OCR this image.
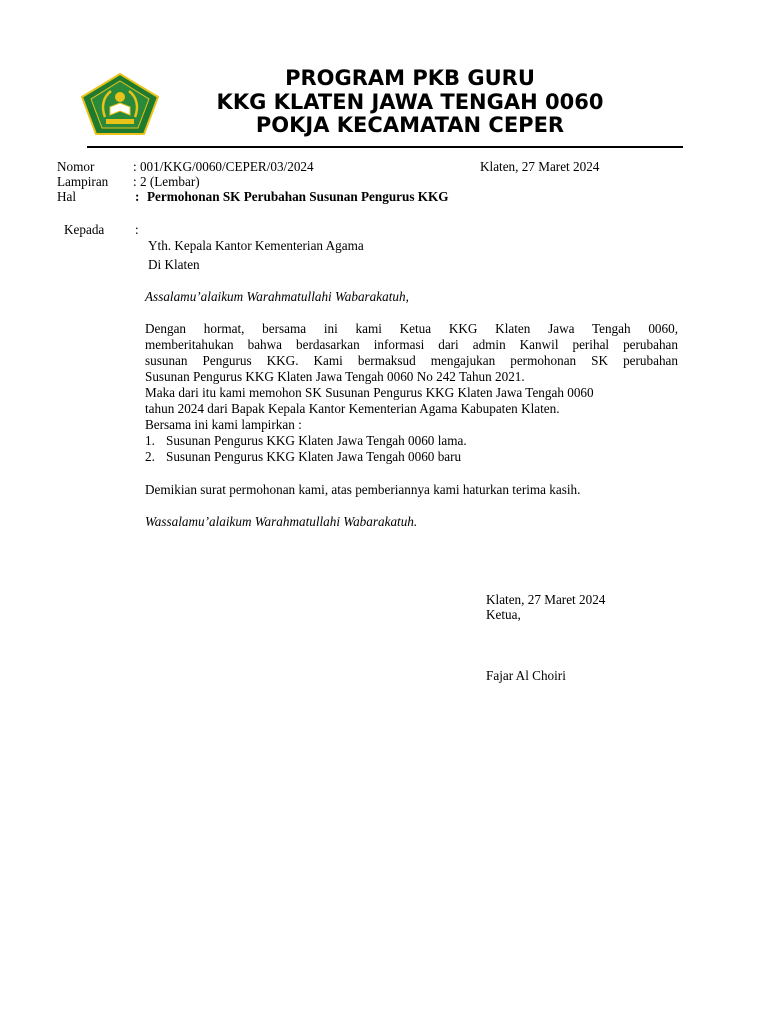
PROGRAM PKB GURU
KKG KLATEN JAWA TENGAH 0060
POKJA KECAMATAN CEPER
Nomor	: 001/KKG/0060/CEPER/03/2024	Klaten, 27 Maret 2024
Lampiran : 2 (Lembar)
Hal	: Permohonan SK Perubahan Susunan Pengurus KKG
Kepada :
Yth. Kepala Kantor Kementerian Agama
Di Klaten
Assalamu’alaikum Warahmatullahi Wabarakatuh,
Dengan hormat, bersama ini kami Ketua KKG Klaten Jawa Tengah 0060,
memberitahukan bahwa berdasarkan informasi dari admin Kanwil perihal perubahan
susunan Pengurus KKG. Kami bermaksud mengajukan permohonan SK perubahan
Susunan Pengurus KKG Klaten Jawa Tengah 0060 No 242 Tahun 2021.
Maka dari itu kami memohon SK Susunan Pengurus KKG Klaten Jawa Tengah 0060
tahun 2024 dari Bapak Kepala Kantor Kementerian Agama Kabupaten Klaten.
Bersama ini kami lampirkan :
1. Susunan Pengurus KKG Klaten Jawa Tengah 0060 lama.
2. Susunan Pengurus KKG Klaten Jawa Tengah 0060 baru
Demikian surat permohonan kami, atas pemberiannya kami haturkan terima kasih.
Wassalamu’alaikum Warahmatullahi Wabarakatuh.
Klaten, 27 Maret 2024
Ketua,
Fajar Al Choiri
